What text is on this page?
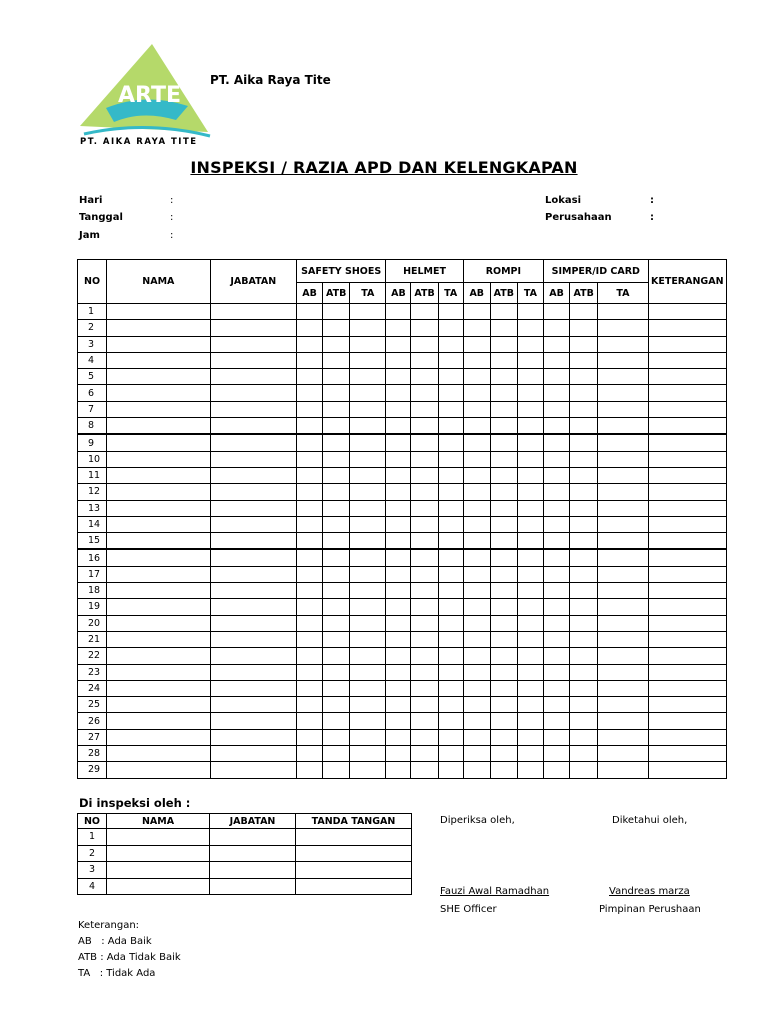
ARTE
PT. AIKA RAYA TITE
PT. Aika Raya Tite
INSPEKSI / RAZIA APD DAN KELENGKAPAN
Hari	:
Tanggal	:
Jam	:
Lokasi	:
Perusahaan	:
NO	NAMA	JABATAN	SAFETY SHOES			HELMET			ROMPI			SIMPER/ID CARD			KETERANGAN
			AB	ATB	TA	AB	ATB	TA	AB	ATB	TA	AB	ATB	TA	
1															
2															
3															
4															
5															
6															
7															
8															
9															
10															
11															
12															
13															
14															
15															
16															
17															
18															
19															
20															
21															
22															
23															
24															
25															
26															
27															
28															
29															
Di inspeksi oleh :
NO	NAMA	JABATAN	TANDA TANGAN
1			
2			
3			
4			
Diperiksa oleh,	Diketahui oleh,
Fauzi Awal Ramadhan	Vandreas marza
SHE Officer	Pimpinan Perushaan
Keterangan:
AB   : Ada Baik
ATB : Ada Tidak Baik
TA   : Tidak Ada
